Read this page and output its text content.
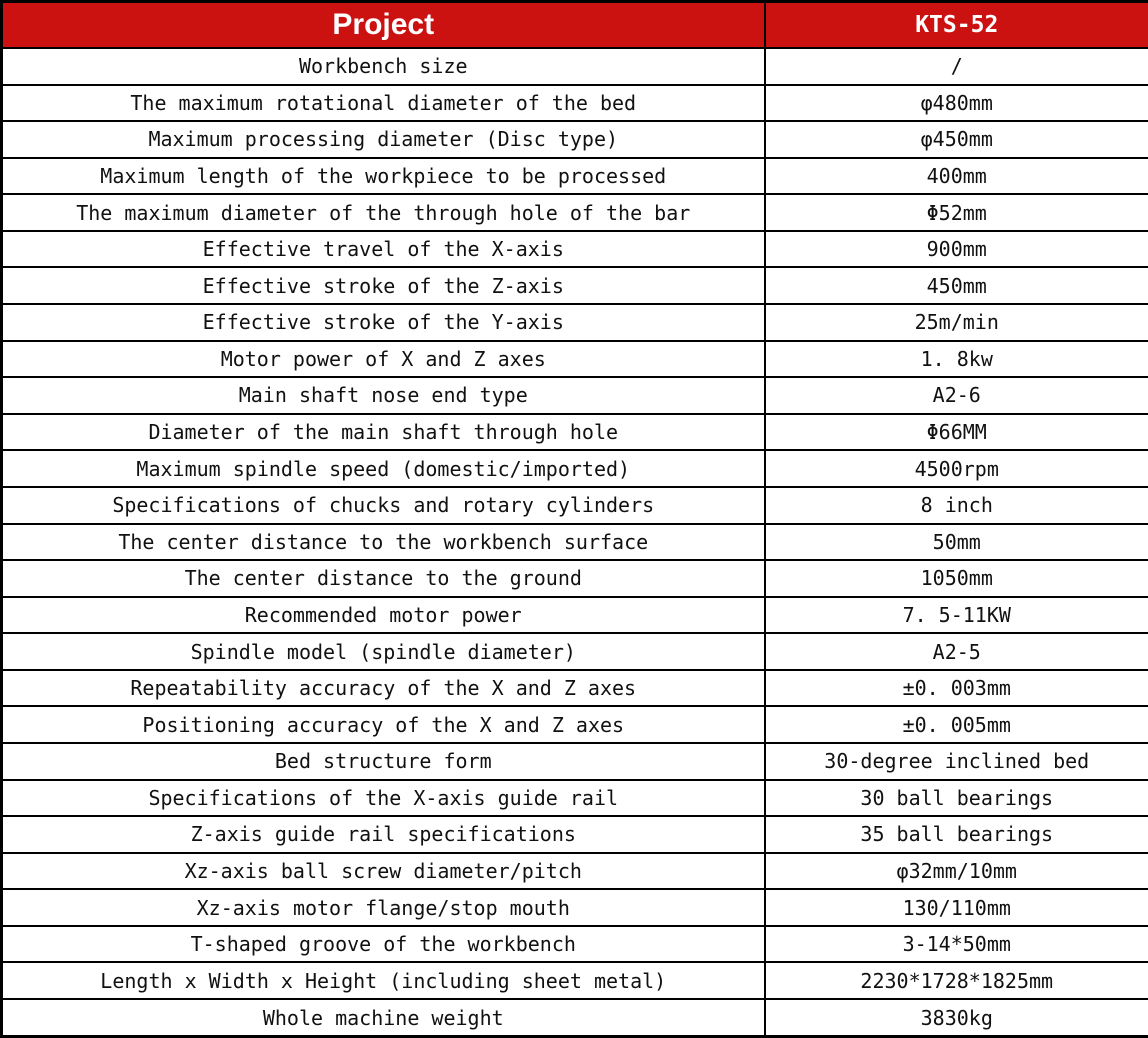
Project	KTS-52
Workbench size	/
The maximum rotational diameter of the bed	φ480mm
Maximum processing diameter (Disc type)	φ450mm
Maximum length of the workpiece to be processed	400mm
The maximum diameter of the through hole of the bar	Φ52mm
Effective travel of the X-axis	900mm
Effective stroke of the Z-axis	450mm
Effective stroke of the Y-axis	25m/min
Motor power of X and Z axes	1. 8kw
Main shaft nose end type	A2-6
Diameter of the main shaft through hole	Φ66MM
Maximum spindle speed (domestic/imported)	4500rpm
Specifications of chucks and rotary cylinders	8 inch
The center distance to the workbench surface	50mm
The center distance to the ground	1050mm
Recommended motor power	7. 5-11KW
Spindle model (spindle diameter)	A2-5
Repeatability accuracy of the X and Z axes	±0. 003mm
Positioning accuracy of the X and Z axes	±0. 005mm
Bed structure form	30-degree inclined bed
Specifications of the X-axis guide rail	30 ball bearings
Z-axis guide rail specifications	35 ball bearings
Xz-axis ball screw diameter/pitch	φ32mm/10mm
Xz-axis motor flange/stop mouth	130/110mm
T-shaped groove of the workbench	3-14*50mm
Length x Width x Height (including sheet metal)	2230*1728*1825mm
Whole machine weight	3830kg
